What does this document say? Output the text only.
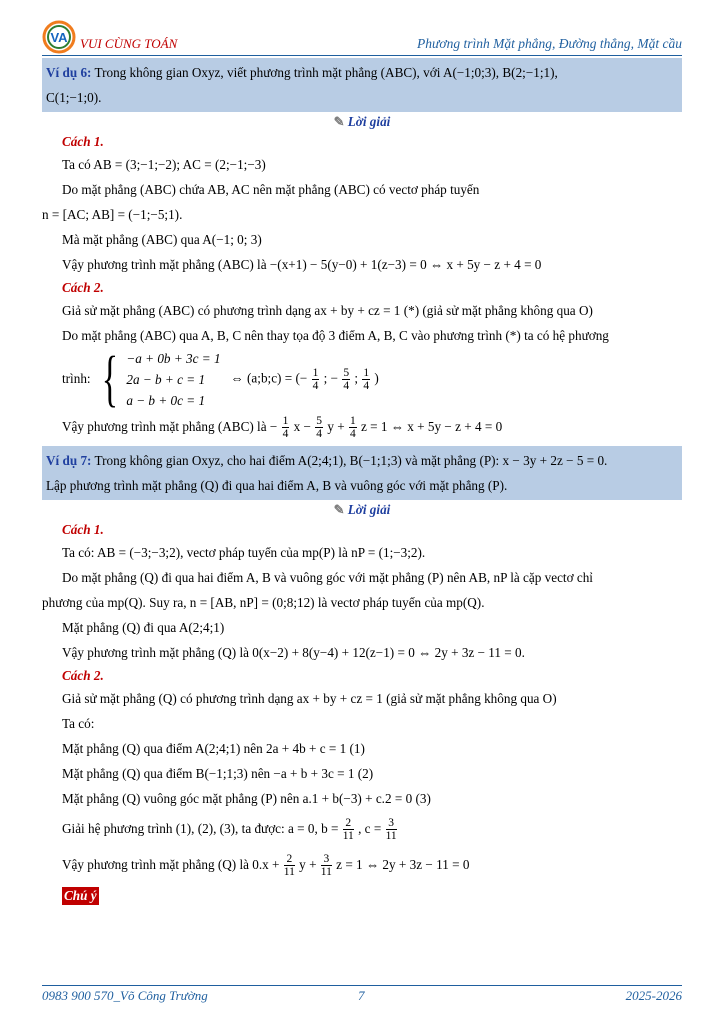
VA VUI CÙNG TOÁN	Phương trình Mặt phẳng, Đường thẳng, Mặt cầu
Ví dụ 6: Trong không gian Oxyz, viết phương trình mặt phẳng (ABC), với A(−1;0;3), B(2;−1;1),
C(1;−1;0).
✎ Lời giải
Cách 1.
Ta có AB = (3;−1;−2); AC = (2;−1;−3)
Do mặt phẳng (ABC) chứa AB, AC nên mặt phẳng (ABC) có vectơ pháp tuyến
n = [AC; AB] = (−1;−5;1).
Mà mặt phẳng (ABC) qua A(−1; 0; 3)
Vậy phương trình mặt phẳng (ABC) là −(x+1) − 5(y−0) + 1(z−3) = 0 ⇔ x + 5y − z + 4 = 0
Cách 2.
Giả sử mặt phẳng (ABC) có phương trình dạng ax + by + cz = 1 (*) (giả sử mặt phẳng không qua O)
Do mặt phẳng (ABC) qua A, B, C nên thay tọa độ 3 điểm A, B, C vào phương trình (*) ta có hệ phương
trình: { −a + 0b + 3c = 1
2a − b + c = 1
a − b + 0c = 1
⇔ (a;b;c) = (− $\frac{1}{4}$ ; − $\frac{5}{4}$ ; $\frac{1}{4}$ )
Vậy phương trình mặt phẳng (ABC) là − $\frac{1}{4}$ $x - \frac{5}{4}$ $y + \frac{1}{4}$ z = 1 ⇔ x + 5y − z + 4 = 0
Ví dụ 7: Trong không gian Oxyz, cho hai điểm A(2;4;1), B(−1;1;3) và mặt phẳng (P): x − 3y + 2z − 5 = 0.
Lập phương trình mặt phẳng (Q) đi qua hai điểm A, B và vuông góc với mặt phẳng (P).
✎ Lời giải
Cách 1.
Ta có: AB = (−3;−3;2), vectơ pháp tuyến của mp(P) là nP = (1;−3;2).
Do mặt phẳng (Q) đi qua hai điểm A, B và vuông góc với mặt phẳng (P) nên AB, nP là cặp vectơ chỉ
phương của mp(Q). Suy ra, n = [AB, nP] = (0;8;12) là vectơ pháp tuyến của mp(Q).
Mặt phẳng (Q) đi qua A(2;4;1)
Vậy phương trình mặt phẳng (Q) là 0(x−2) + 8(y−4) + 12(z−1) = 0 ⇔ 2y + 3z − 11 = 0.
Cách 2.
Giả sử mặt phẳng (Q) có phương trình dạng ax + by + cz = 1 (giả sử mặt phẳng không qua O)
Ta có:
Mặt phẳng (Q) qua điểm A(2;4;1) nên 2a + 4b + c = 1 (1)
Mặt phẳng (Q) qua điểm B(−1;1;3) nên −a + b + 3c = 1 (2)
Mặt phẳng (Q) vuông góc mặt phẳng (P) nên a.1 + b(−3) + c.2 = 0 (3)
Giải hệ phương trình (1), (2), (3), ta được: a = 0, $b = \frac{2}{11}$ , $c = \frac{3}{11}$
Vậy phương trình mặt phẳng (Q) là $0.x + \frac{2}{11}$ $y + \frac{3}{11}$ z = 1 ⇔ 2y + 3z − 11 = 0
Chú ý
0983 900 570_Võ Công Trường	7	2025-2026
